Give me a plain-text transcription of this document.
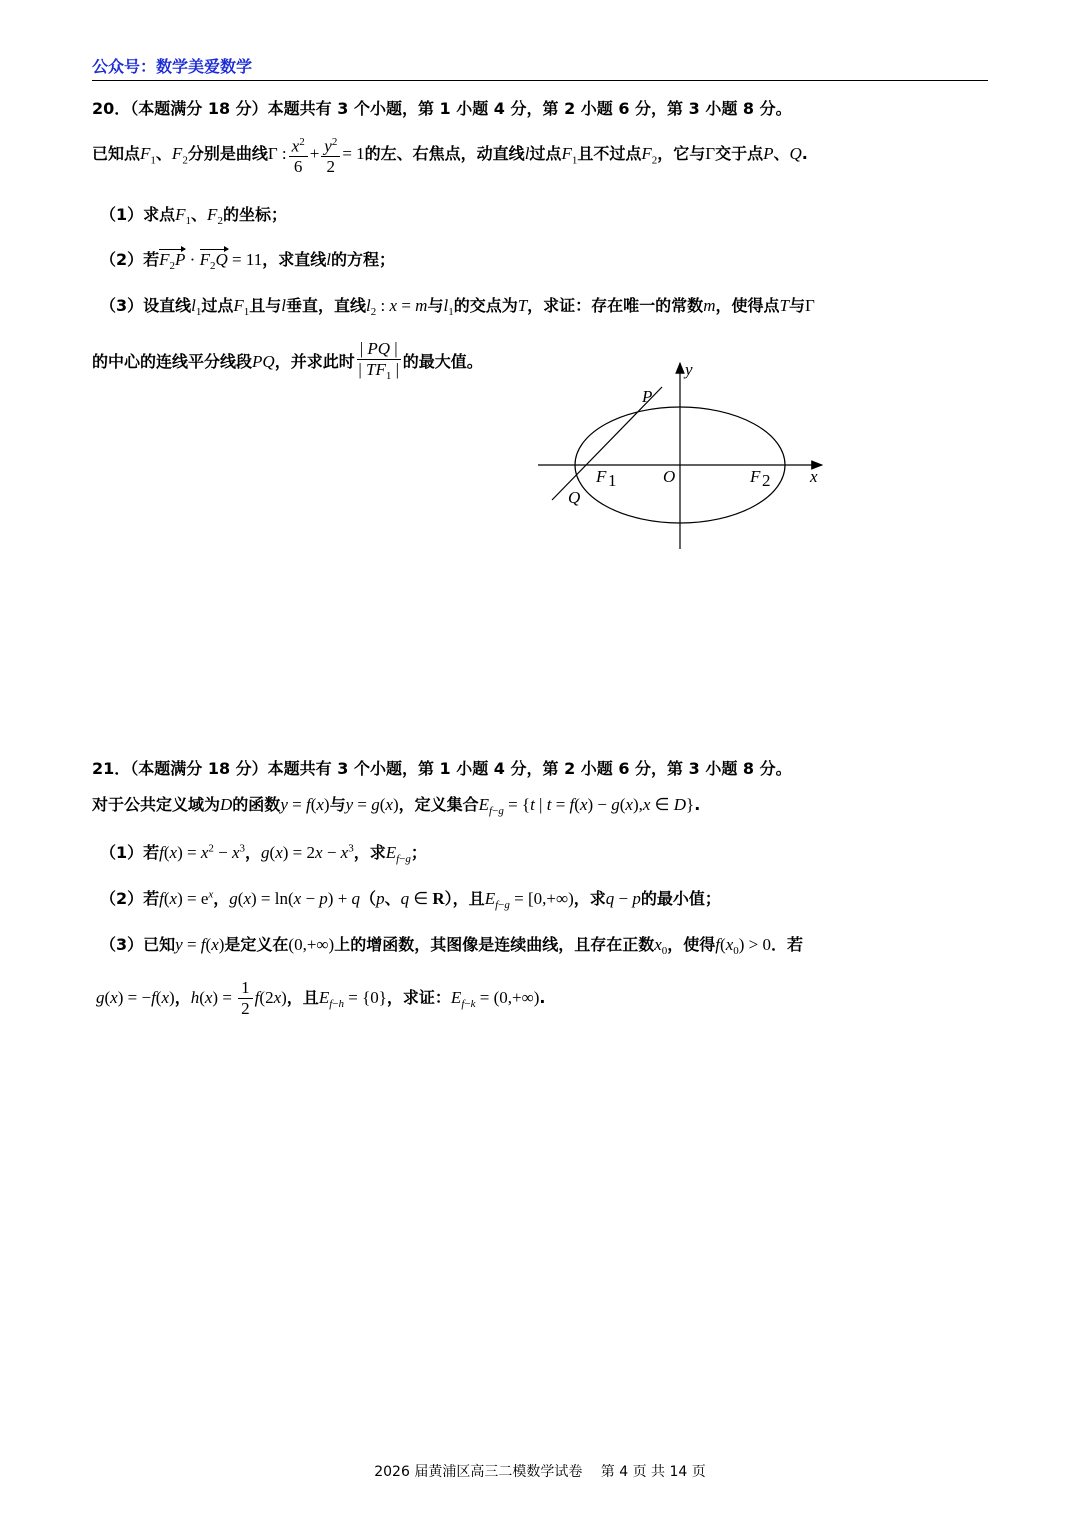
公众号：数学美爱数学
20．（本题满分 18 分）本题共有 3 个小题，第 1 小题 4 分，第 2 小题 6 分，第 3 小题 8 分。
已知点$F_1$、$F_2$分别是曲线Γ : $\frac{x^2}{6} + \frac{y^2}{2} = 1$的左、右焦点，动直线l过点$F_1$且不过点$F_2$，它与Γ交于点P、Q.
（1）求点$F_1$、$F_2$的坐标；
（2）若$F_2P \cdot F_2Q = 11$，求直线l的方程；
（3）设直线$l_1$过点$F_1$且与l垂直，直线$l_2$ : x = m与$l_1$的交点为T，求证：存在唯一的常数m，使得点T与Γ
的中心的连线平分线段PQ，并求此时 $\frac{| PQ |}{| TF_1 |}$ 的最大值。	y
P
F 1	O	F 2 x
Q
21．（本题满分 18 分）本题共有 3 个小题，第 1 小题 4 分，第 2 小题 6 分，第 3 小题 8 分。
对于公共定义域为D的函数y = f(x)与y = g(x)，定义集合$E_{f-g} = \{t$ | t = f(x) − g(x),x ∈ D}.
（1）若$f(x) = x^2 - x^3$，$g(x) = 2x - x^3$，求$E_{f-g}$；
（2）若$f(x) = e^x$，g(x) = ln(x − p) + q（p、q ∈ R），且$E_{f-g} = [0,+\infty)$，求q − p的最小值；
（3）已知y = f(x)是定义在(0,+∞)上的增函数，其图像是连续曲线，且存在正数$x_0$，使得$f(x_0) > 0$．若
g(x) = −f(x)，$h(x) = \frac{1}{2} f(2x)$，且$E_{f-h} = \{0\}$，求证：$E_{f-k} = (0,+\infty)$.
2026 届黄浦区高三二模数学试卷　 第 4 页 共 14 页
